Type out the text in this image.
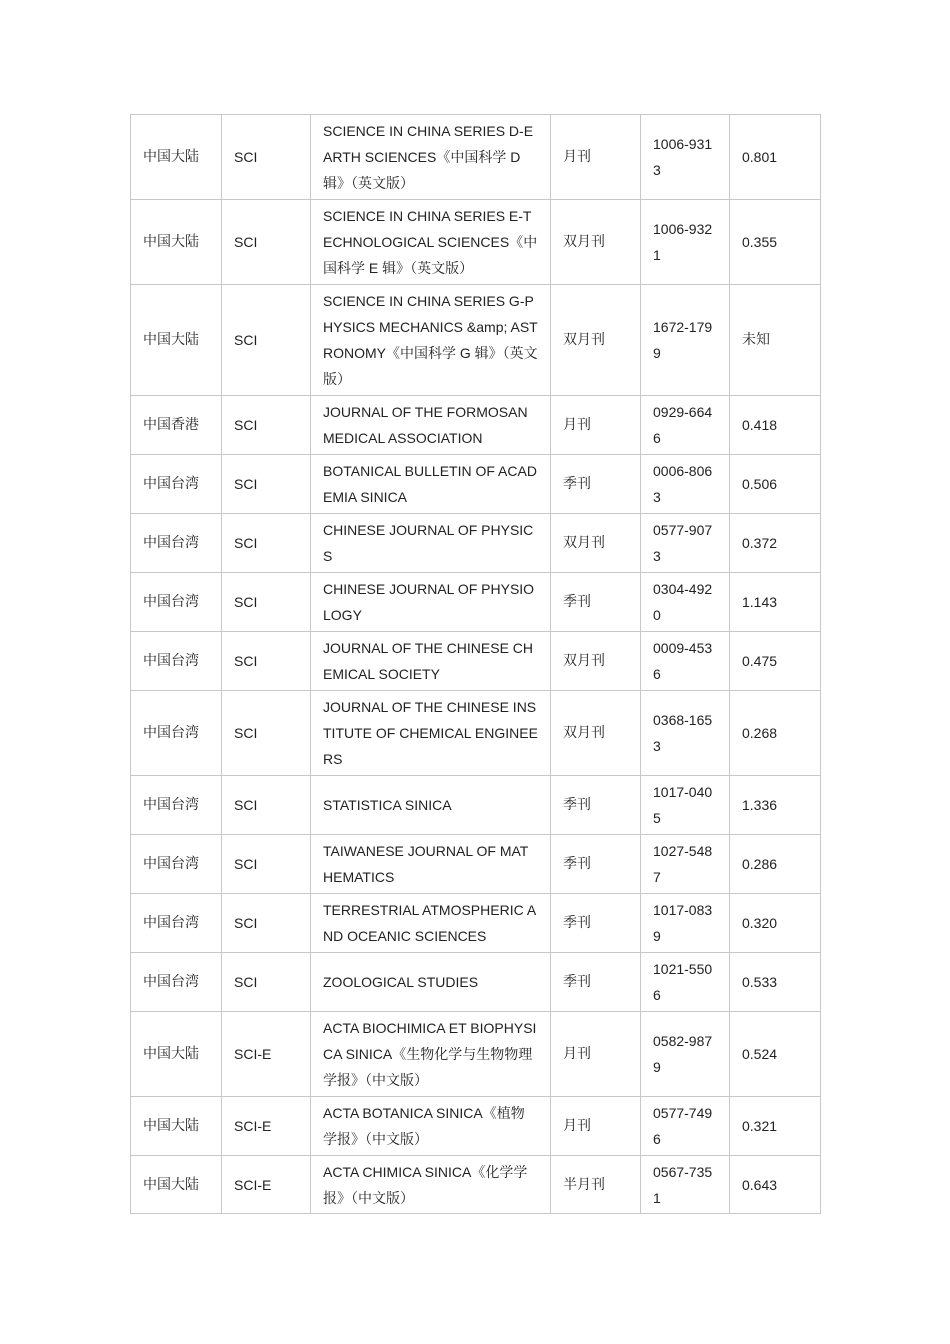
中国大陆	SCI	SCIENCE IN CHINA SERIES D-EARTH SCIENCES《中国科学 D 辑》（英文版）	月刊	1006-9313	0.801
中国大陆	SCI	SCIENCE IN CHINA SERIES E-TECHNOLOGICAL SCIENCES《中国科学 E 辑》（英文版）	双月刊	1006-9321	0.355
中国大陆	SCI	SCIENCE IN CHINA SERIES G-PHYSICS MECHANICS &amp; ASTRONOMY《中国科学 G 辑》（英文版）	双月刊	1672-1799	未知
中国香港	SCI	JOURNAL OF THE FORMOSAN MEDICAL ASSOCIATION	月刊	0929-6646	0.418
中国台湾	SCI	BOTANICAL BULLETIN OF ACADEMIA SINICA	季刊	0006-8063	0.506
中国台湾	SCI	CHINESE JOURNAL OF PHYSICS	双月刊	0577-9073	0.372
中国台湾	SCI	CHINESE JOURNAL OF PHYSIOLOGY	季刊	0304-4920	1.143
中国台湾	SCI	JOURNAL OF THE CHINESE CHEMICAL SOCIETY	双月刊	0009-4536	0.475
中国台湾	SCI	JOURNAL OF THE CHINESE INSTITUTE OF CHEMICAL ENGINEERS	双月刊	0368-1653	0.268
中国台湾	SCI	STATISTICA SINICA	季刊	1017-0405	1.336
中国台湾	SCI	TAIWANESE JOURNAL OF MATHEMATICS	季刊	1027-5487	0.286
中国台湾	SCI	TERRESTRIAL ATMOSPHERIC AND OCEANIC SCIENCES	季刊	1017-0839	0.320
中国台湾	SCI	ZOOLOGICAL STUDIES	季刊	1021-5506	0.533
中国大陆	SCI-E	ACTA BIOCHIMICA ET BIOPHYSICA SINICA《生物化学与生物物理学报》（中文版）	月刊	0582-9879	0.524
中国大陆	SCI-E	ACTA BOTANICA SINICA《植物学报》（中文版）	月刊	0577-7496	0.321
中国大陆	SCI-E	ACTA CHIMICA SINICA《化学学报》（中文版）	半月刊	0567-7351	0.643
